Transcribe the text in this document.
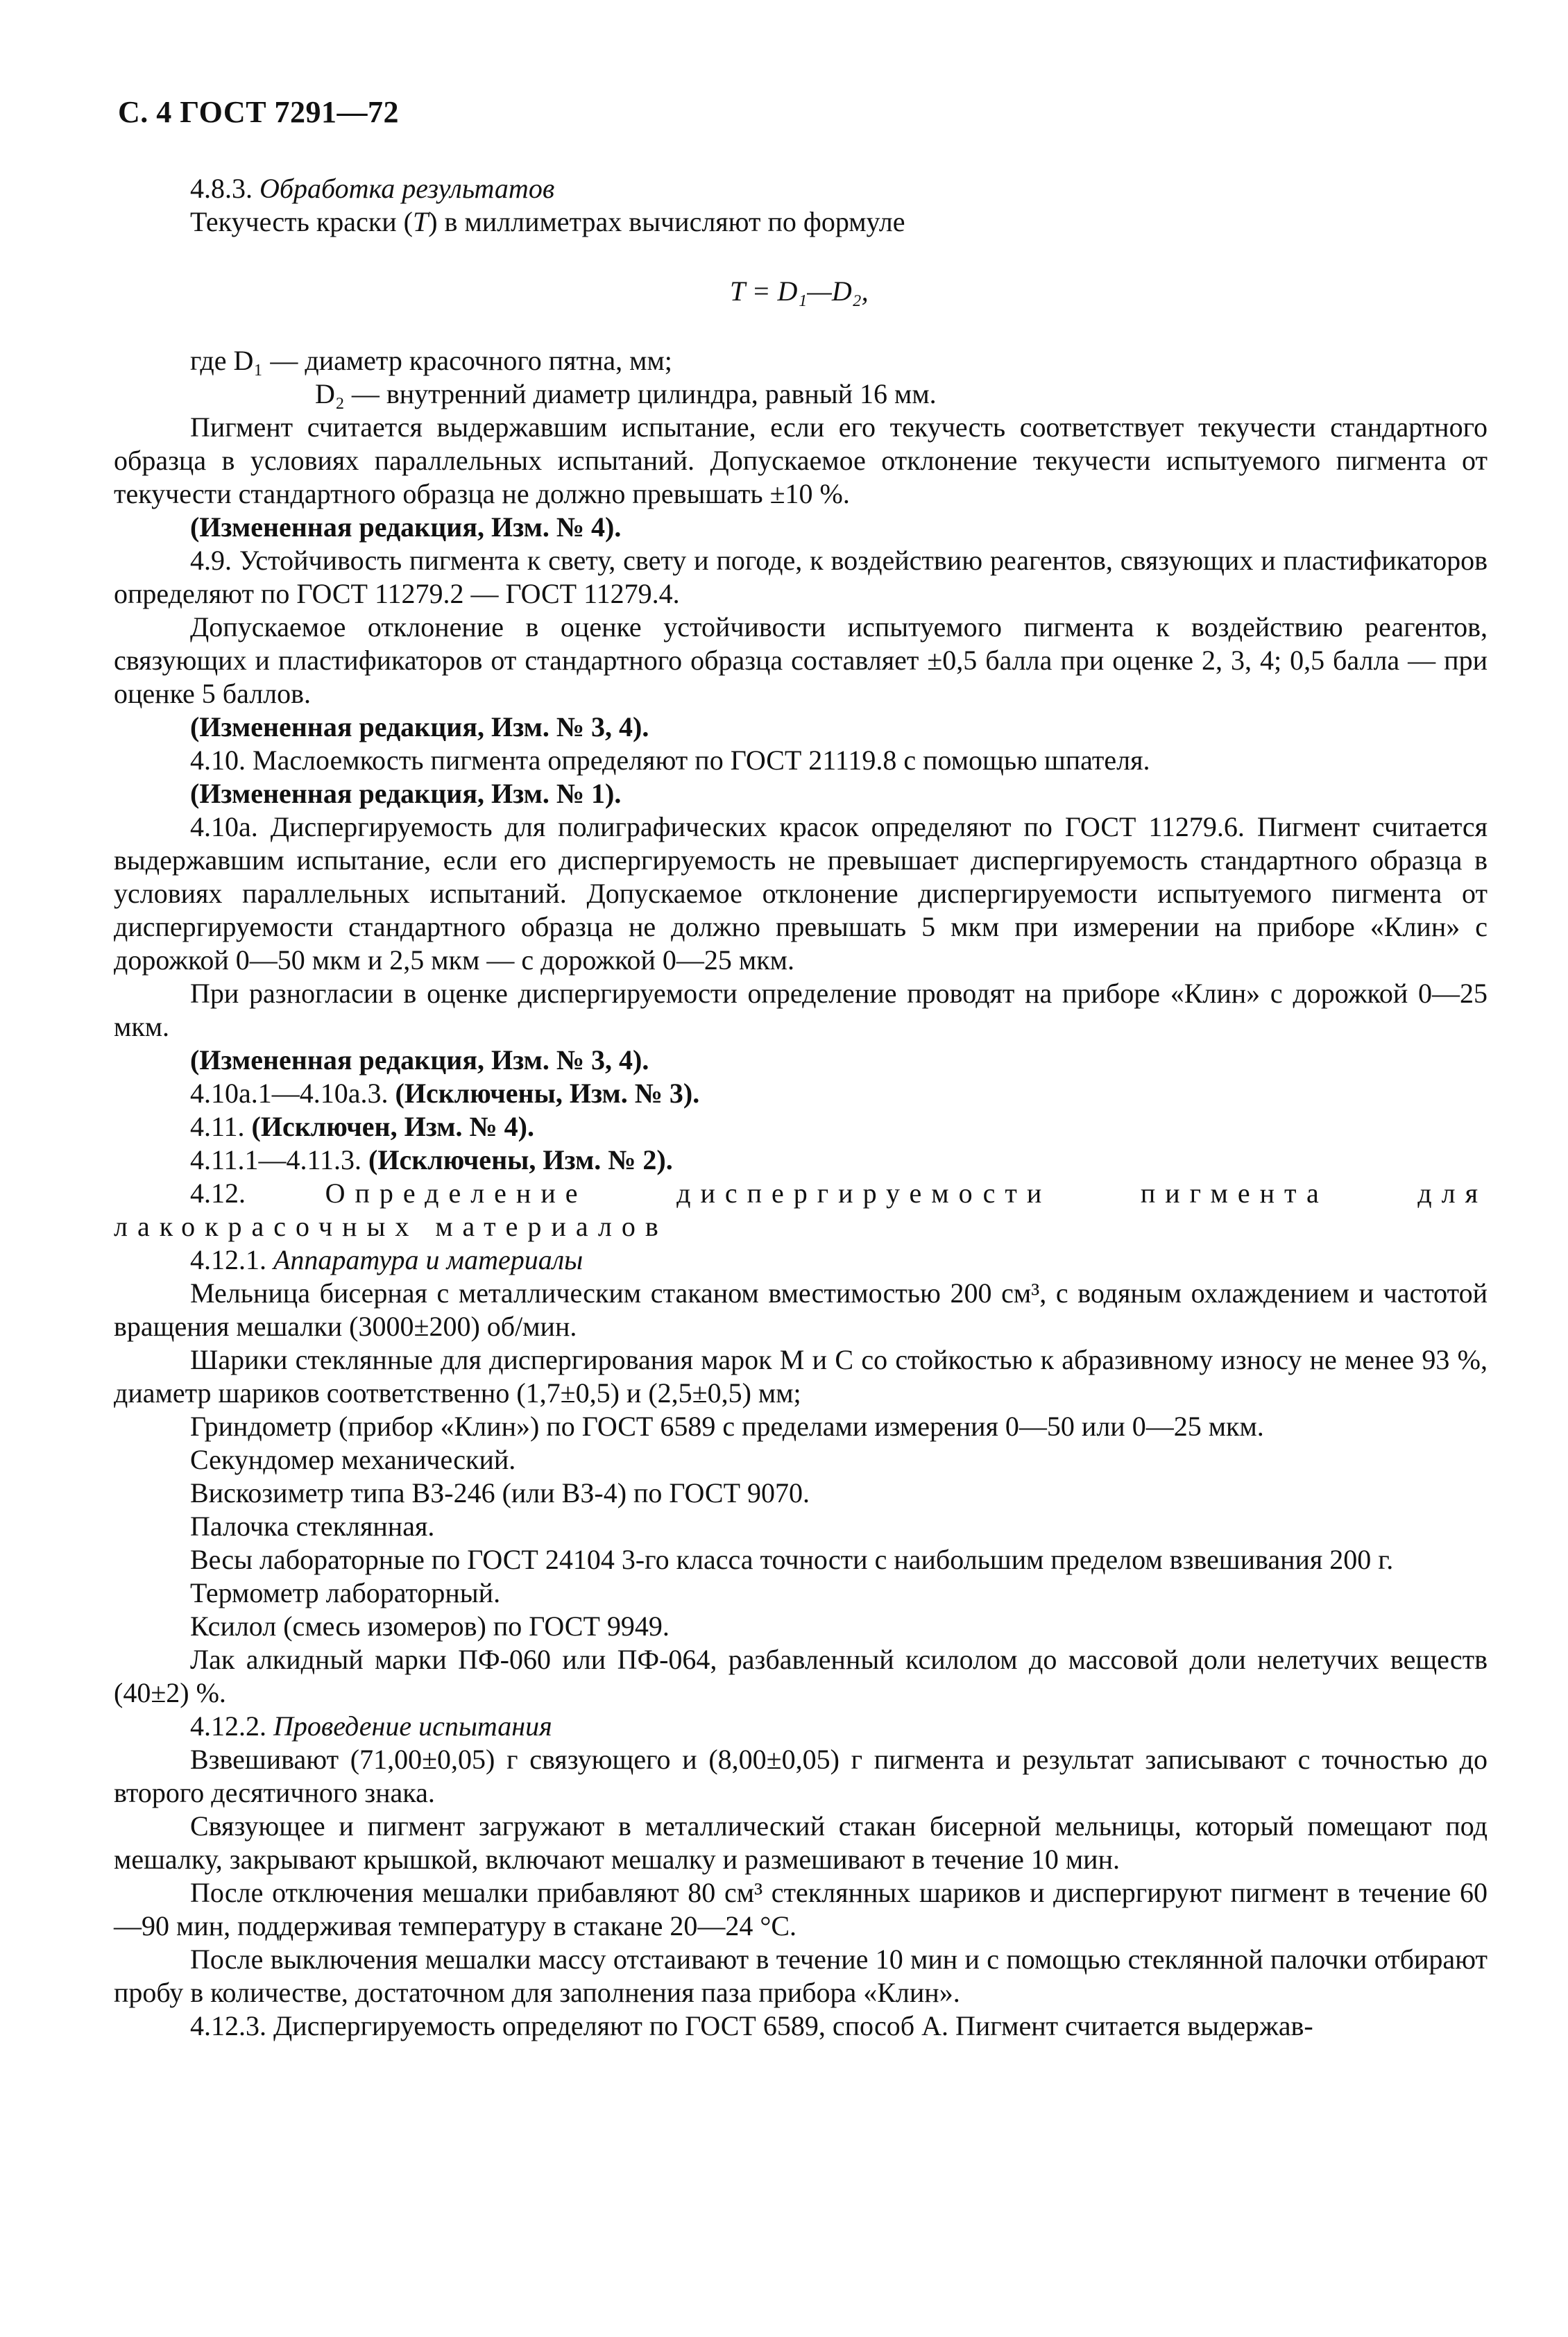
С. 4 ГОСТ 7291—72

4.8.3. Обработка результатов

Текучесть краски (T) в миллиметрах вычисляют по формуле

T = D₁—D₂,

где D₁ — диаметр красочного пятна, мм;

D₂ — внутренний диаметр цилиндра, равный 16 мм.

Пигмент считается выдержавшим испытание, если его текучесть соответствует текучести стандартного образца в условиях параллельных испытаний. Допускаемое отклонение текучести испытуемого пигмента от текучести стандартного образца не должно превышать ±10 %.

(Измененная редакция, Изм. № 4).

4.9. Устойчивость пигмента к свету, свету и погоде, к воздействию реагентов, связующих и пластификаторов определяют по ГОСТ 11279.2 — ГОСТ 11279.4.

Допускаемое отклонение в оценке устойчивости испытуемого пигмента к воздействию реагентов, связующих и пластификаторов от стандартного образца составляет ±0,5 балла при оценке 2, 3, 4; 0,5 балла — при оценке 5 баллов.

(Измененная редакция, Изм. № 3, 4).

4.10. Маслоемкость пигмента определяют по ГОСТ 21119.8 с помощью шпателя.

(Измененная редакция, Изм. № 1).

4.10а. Диспергируемость для полиграфических красок определяют по ГОСТ 11279.6. Пигмент считается выдержавшим испытание, если его диспергируемость не превышает диспергируемость стандартного образца в условиях параллельных испытаний. Допускаемое отклонение диспергируемости испытуемого пигмента от диспергируемости стандартного образца не должно превышать 5 мкм при измерении на приборе «Клин» с дорожкой 0—50 мкм и 2,5 мкм — с дорожкой 0—25 мкм.

При разногласии в оценке диспергируемости определение проводят на приборе «Клин» с дорожкой 0—25 мкм.

(Измененная редакция, Изм. № 3, 4).

4.10а.1—4.10а.3. (Исключены, Изм. № 3).

4.11. (Исключен, Изм. № 4).

4.11.1—4.11.3. (Исключены, Изм. № 2).

4.12.	Определение диспергируемости пигмента для лакокрасочных материалов

4.12.1. Аппаратура и материалы

Мельница бисерная с металлическим стаканом вместимостью 200 см³, с водяным охлаждением и частотой вращения мешалки (3000±200) об/мин.

Шарики стеклянные для диспергирования марок М и С со стойкостью к абразивному износу не менее 93 %, диаметр шариков соответственно (1,7±0,5) и (2,5±0,5) мм;

Гриндометр (прибор «Клин») по ГОСТ 6589 с пределами измерения 0—50 или 0—25 мкм.

Секундомер механический.

Вискозиметр типа ВЗ-246 (или ВЗ-4) по ГОСТ 9070.

Палочка стеклянная.

Весы лабораторные по ГОСТ 24104 3-го класса точности с наибольшим пределом взвешивания 200 г.

Термометр лабораторный.

Ксилол (смесь изомеров) по ГОСТ 9949.

Лак алкидный марки ПФ-060 или ПФ-064, разбавленный ксилолом до массовой доли нелетучих веществ (40±2) %.

4.12.2. Проведение испытания

Взвешивают (71,00±0,05) г связующего и (8,00±0,05) г пигмента и результат записывают с точностью до второго десятичного знака.

Связующее и пигмент загружают в металлический стакан бисерной мельницы, который помещают под мешалку, закрывают крышкой, включают мешалку и размешивают в течение 10 мин.

После отключения мешалки прибавляют 80 см³ стеклянных шариков и диспергируют пигмент в течение 60—90 мин, поддерживая температуру в стакане 20—24 °С.

После выключения мешалки массу отстаивают в течение 10 мин и с помощью стеклянной палочки отбирают пробу в количестве, достаточном для заполнения паза прибора «Клин».

4.12.3. Диспергируемость определяют по ГОСТ 6589, способ А. Пигмент считается выдержав-
